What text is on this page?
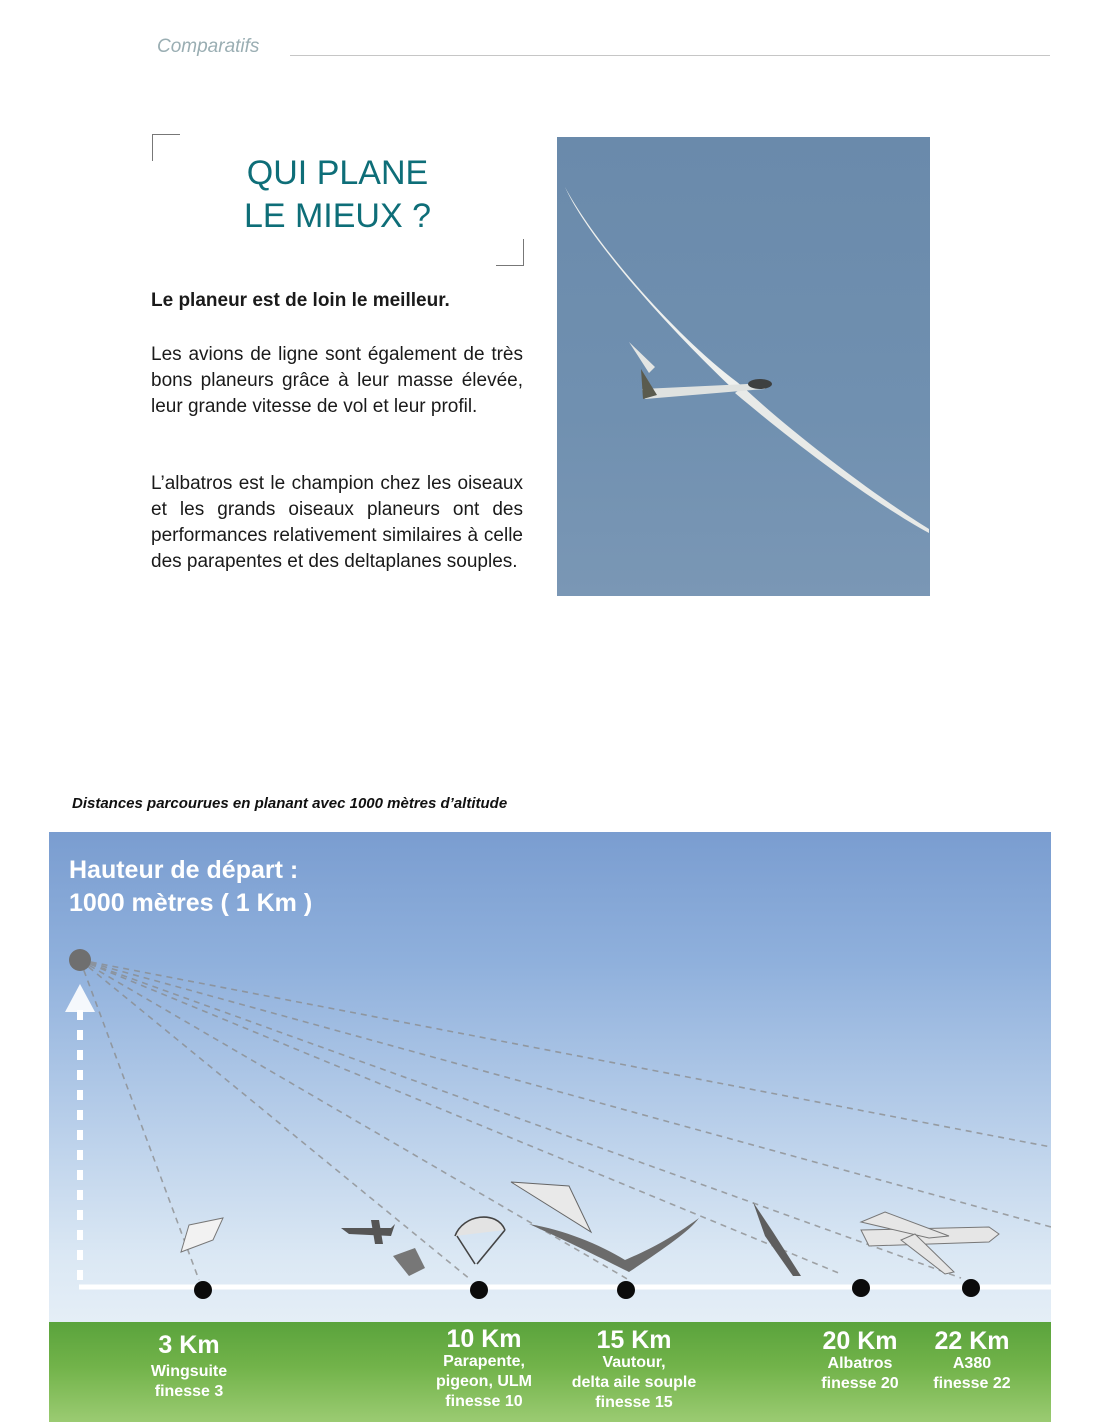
Comparatifs
QUI PLANE
LE MIEUX ?
Le planeur est de loin le meilleur.
Les avions de ligne sont également de très bons planeurs grâce à leur masse élevée, leur grande vitesse de vol et leur profil.
L’albatros est le champion chez les oiseaux et les grands oiseaux planeurs ont des performances relativement similaires à celle des parapentes et des deltaplanes souples.
Distances parcourues en planant avec 1000 mètres d’altitude
Hauteur de départ :
1000 mètres ( 1 Km )
3 Km
Wingsuite
finesse 3
10 Km
Parapente,
pigeon, ULM
finesse 10
15 Km
Vautour,
delta aile souple
finesse 15
20 Km
Albatros
finesse 20
22 Km
A380
finesse 22
